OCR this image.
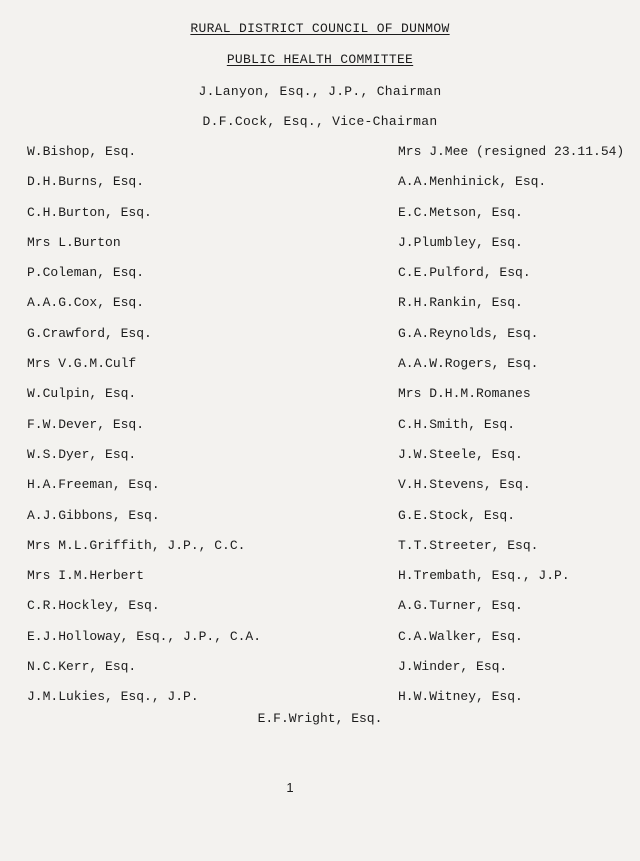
RURAL DISTRICT COUNCIL OF DUNMOW
PUBLIC HEALTH COMMITTEE
J.Lanyon, Esq., J.P., Chairman
D.F.Cock, Esq., Vice-Chairman
W.Bishop, Esq.
D.H.Burns, Esq.
C.H.Burton, Esq.
Mrs L.Burton
P.Coleman, Esq.
A.A.G.Cox, Esq.
G.Crawford, Esq.
Mrs V.G.M.Culf
W.Culpin, Esq.
F.W.Dever, Esq.
W.S.Dyer, Esq.
H.A.Freeman, Esq.
A.J.Gibbons, Esq.
Mrs M.L.Griffith, J.P., C.C.
Mrs I.M.Herbert
C.R.Hockley, Esq.
E.J.Holloway, Esq., J.P., C.A.
N.C.Kerr, Esq.
J.M.Lukies, Esq., J.P.
Mrs J.Mee (resigned 23.11.54)
A.A.Menhinick, Esq.
E.C.Metson, Esq.
J.Plumbley, Esq.
C.E.Pulford, Esq.
R.H.Rankin, Esq.
G.A.Reynolds, Esq.
A.A.W.Rogers, Esq.
Mrs D.H.M.Romanes
C.H.Smith, Esq.
J.W.Steele, Esq.
V.H.Stevens, Esq.
G.E.Stock, Esq.
T.T.Streeter, Esq.
H.Trembath, Esq., J.P.
A.G.Turner, Esq.
C.A.Walker, Esq.
J.Winder, Esq.
H.W.Witney, Esq.
E.F.Wright, Esq.
1
